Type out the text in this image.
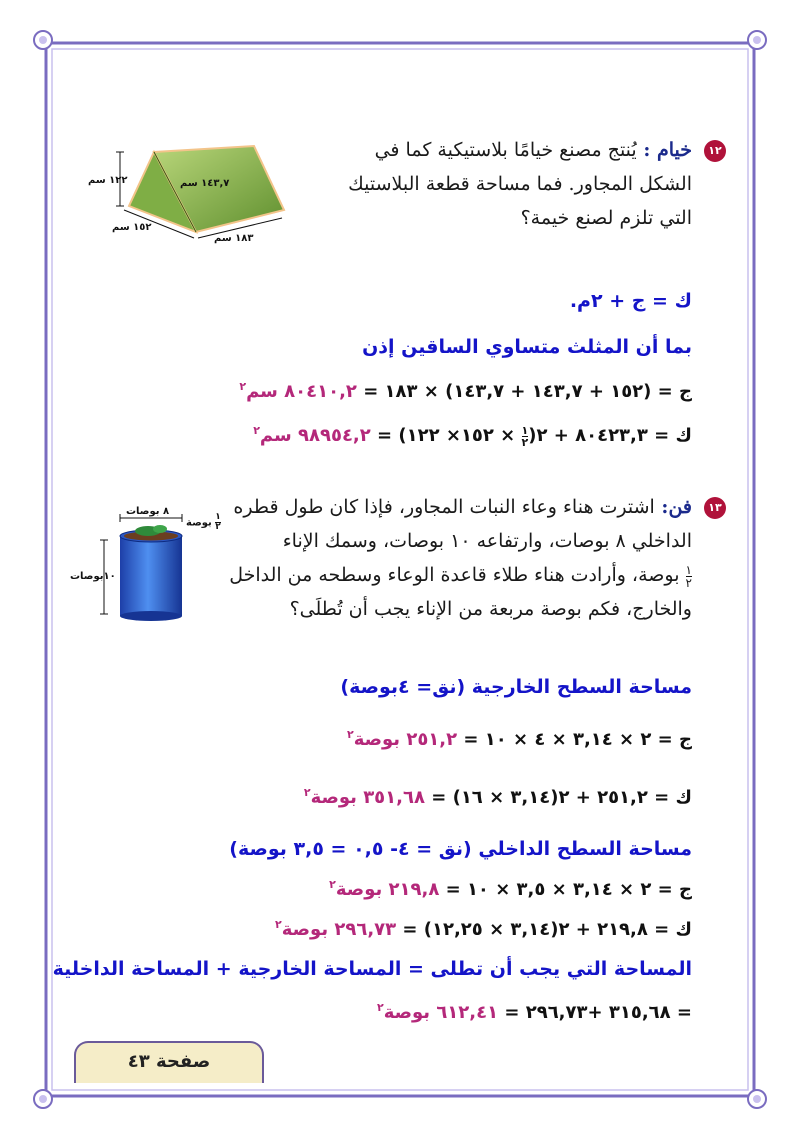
١٢
خيام : يُنتج مصنع خيامًا بلاستيكية كما في
الشكل المجاور. فما مساحة قطعة البلاستيك
التي تلزم لصنع خيمة؟
١٢٢ سم	١٤٣,٧ سم
١٥٢ سم
١٨٣ سم
ك = ج + ٢م.
بما أن المثلث متساوي الساقين إذن
ج = (١٥٢ + ١٤٣,٧ + ١٤٣,٧) × ١٨٣ = ٨٠٤١٠,٢ سم$^٢$
ك = ٨٠٤٢٣,٣ + ٢(١
٢ × ١٥٢× ١٢٢) = ٩٨٩٥٤,٢ سم$^٢$
١٣
فن: اشترت هناء وعاء النبات المجاور، فإذا كان طول قطره
الداخلي ٨ بوصات، وارتفاعه ١٠ بوصات، وسمك الإناء
١
٢ بوصة، وأرادت هناء طلاء قاعدة الوعاء وسطحه من الداخل
والخارج، فكم بوصة مربعة من الإناء يجب أن تُطلَى؟
٨ بوصات	١
٢ بوصة
١٠بوصات
مساحة السطح الخارجية (نق= ٤بوصة)
ج = ٢ × ٣,١٤ × ٤ × ١٠ = ٢٥١,٢ بوصة$^٢$
ك = ٢٥١,٢ + ٢(٣,١٤ × ١٦) = ٣٥١,٦٨ بوصة$^٢$
مساحة السطح الداخلي (نق = ٤- ٠,٥ = ٣,٥ بوصة)
ج = ٢ × ٣,١٤ × ٣,٥ × ١٠ = ٢١٩,٨ بوصة$^٢$
ك = ٢١٩,٨ + ٢(٣,١٤ × ١٢,٢٥) = ٢٩٦,٧٣ بوصة$^٢$
المساحة التي يجب أن تطلى = المساحة الخارجية + المساحة الداخلية
= ٣١٥,٦٨ +٢٩٦,٧٣ = ٦١٢,٤١ بوصة$^٢$
صفحة ٤٣
